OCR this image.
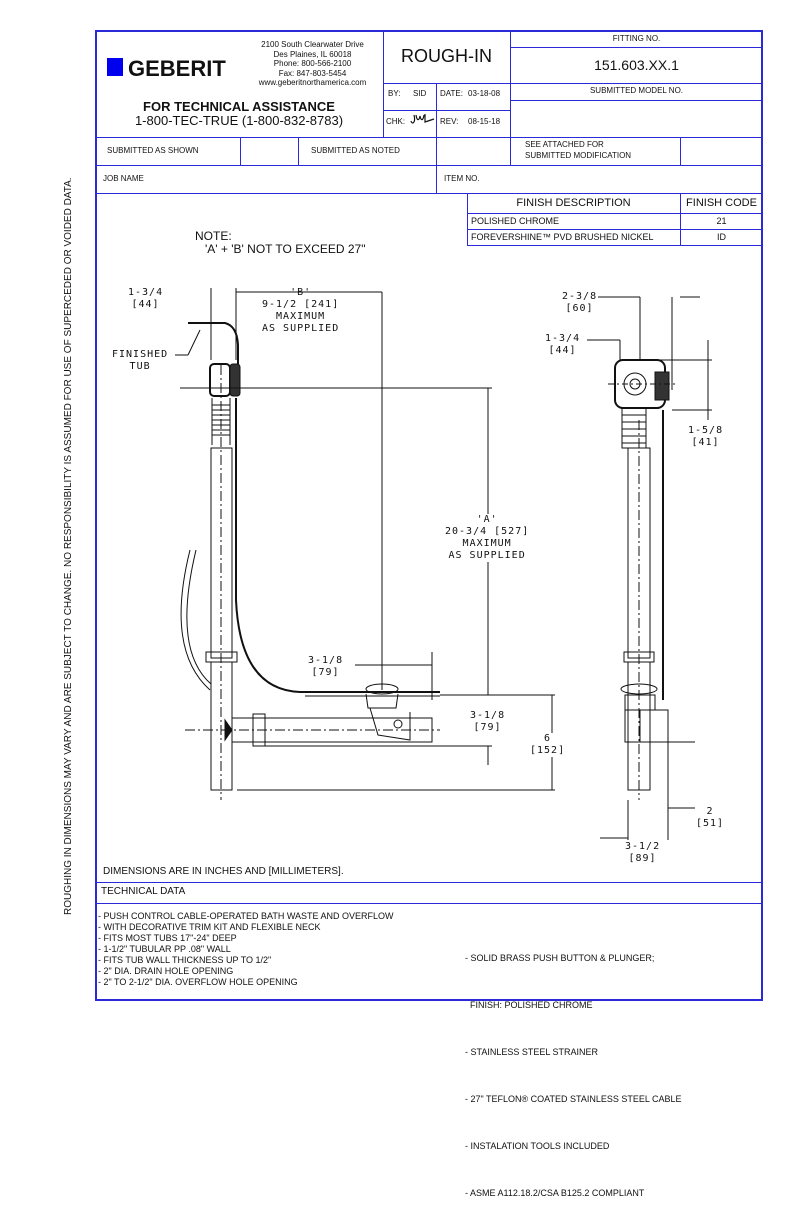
ROUGHING IN DIMENSIONS MAY VARY AND ARE SUBJECT TO CHANGE. NO RESPONSIBILITY IS ASSUMED FOR USE OF SUPERCEDED OR VOIDED DATA.
GEBERIT
2100 South Clearwater Drive
Des Plaines, IL 60018
Phone: 800-566-2100
Fax: 847-803-5454
www.geberitnorthamerica.com
FOR TECHNICAL ASSISTANCE
1-800-TEC-TRUE (1-800-832-8783)
ROUGH-IN
BY: SID DATE: 03-18-08
CHK:	REV: 08-15-18
FITTING NO.
151.603.XX.1
SUBMITTED MODEL NO.
SUBMITTED AS SHOWN	SUBMITTED AS NOTED
SEE ATTACHED FOR
SUBMITTED MODIFICATION
JOB NAME	ITEM NO.
FINISH DESCRIPTION	FINISH CODE
POLISHED CHROME	21
FOREVERSHINE™ PVD BRUSHED NICKEL	ID
NOTE:
'A' + 'B' NOT TO EXCEED 27"
1-3/4
[44]
'B'
9-1/2 [241]
MAXIMUM
AS SUPPLIED
FINISHED
TUB
'A'
20-3/4 [527]
MAXIMUM
AS SUPPLIED
3-1/8
[79]
3-1/8
[79]
6
[152]
2-3/8
[60]
1-3/4
[44]
1-5/8
[41]
2
[51]
3-1/2
[89]
DIMENSIONS ARE IN INCHES AND [MILLIMETERS].
TECHNICAL DATA
- PUSH CONTROL CABLE-OPERATED BATH WASTE AND OVERFLOW
- WITH DECORATIVE TRIM KIT AND FLEXIBLE NECK
- FITS MOST TUBS 17"-24" DEEP
- 1-1/2" TUBULAR PP .08" WALL
- FITS TUB WALL THICKNESS UP TO 1/2"
- 2" DIA. DRAIN HOLE OPENING
- 2" TO 2-1/2" DIA. OVERFLOW HOLE OPENING

- SOLID BRASS PUSH BUTTON & PLUNGER;

FINISH: POLISHED CHROME

- STAINLESS STEEL STRAINER

- 27" TEFLON® COATED STAINLESS STEEL CABLE

- INSTALATION TOOLS INCLUDED

- ASME A112.18.2/CSA B125.2 COMPLIANT
